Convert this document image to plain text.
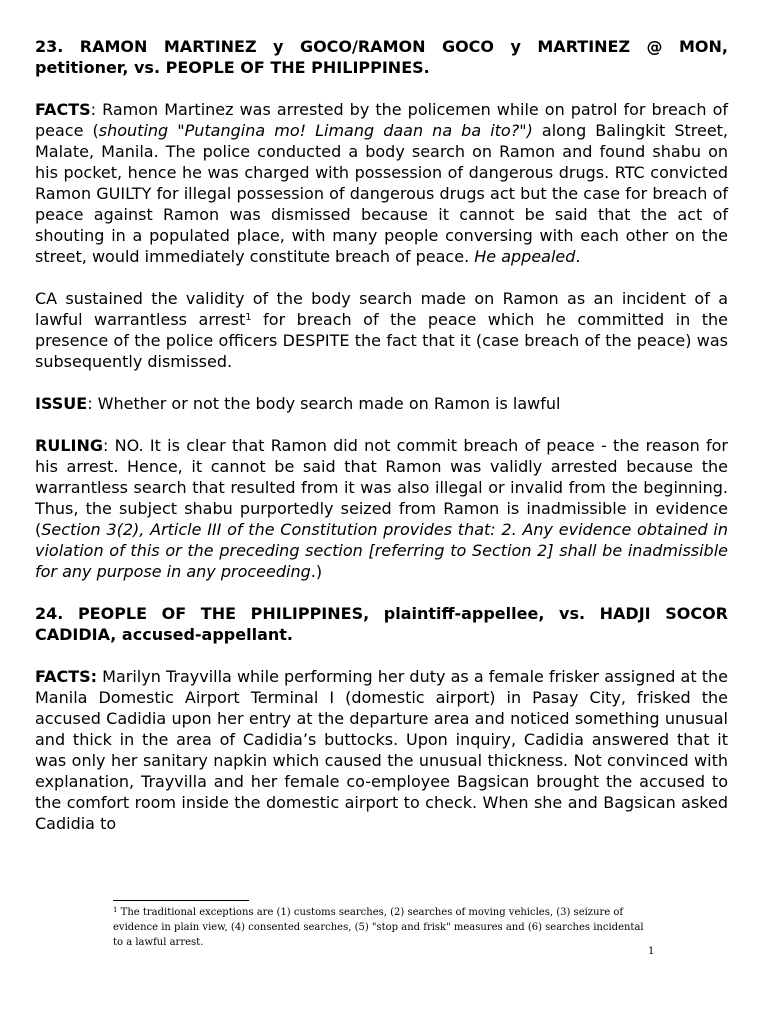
23. RAMON MARTINEZ y GOCO/RAMON GOCO y MARTINEZ @ MON, petitioner, vs. PEOPLE OF THE PHILIPPINES.

FACTS: Ramon Martinez was arrested by the policemen while on patrol for breach of peace (shouting "Putangina mo! Limang daan na ba ito?") along Balingkit Street, Malate, Manila. The police conducted a body search on Ramon and found shabu on his pocket, hence he was charged with possession of dangerous drugs. RTC convicted Ramon GUILTY for illegal possession of dangerous drugs act but the case for breach of peace against Ramon was dismissed because it cannot be said that the act of shouting in a populated place, with many people conversing with each other on the street, would immediately constitute breach of peace. He appealed.

CA sustained the validity of the body search made on Ramon as an incident of a lawful warrantless arrest$^1$ for breach of the peace which he committed in the presence of the police officers DESPITE the fact that it (case breach of the peace) was subsequently dismissed.

ISSUE: Whether or not the body search made on Ramon is lawful

RULING: NO. It is clear that Ramon did not commit breach of peace - the reason for his arrest. Hence, it cannot be said that Ramon was validly arrested because the warrantless search that resulted from it was also illegal or invalid from the beginning. Thus, the subject shabu purportedly seized from Ramon is inadmissible in evidence (Section 3(2), Article III of the Constitution provides that: 2. Any evidence obtained in violation of this or the preceding section [referring to Section 2] shall be inadmissible for any purpose in any proceeding.)

24. PEOPLE OF THE PHILIPPINES, plaintiff-appellee, vs. HADJI SOCOR CADIDIA, accused-appellant.

FACTS: Marilyn Trayvilla while performing her duty as a female frisker assigned at the Manila Domestic Airport Terminal I (domestic airport) in Pasay City, frisked the accused Cadidia upon her entry at the departure area and noticed something unusual and thick in the area of Cadidia’s buttocks. Upon inquiry, Cadidia answered that it was only her sanitary napkin which caused the unusual thickness. Not convinced with explanation, Trayvilla and her female co-employee Bagsican brought the accused to the comfort room inside the domestic airport to check. When she and Bagsican asked Cadidia to

$^1$ The traditional exceptions are (1) customs searches, (2) searches of moving vehicles, (3) seizure of evidence in plain view, (4) consented searches, (5) "stop and frisk" measures and (6) searches incidental to a lawful arrest.
1
